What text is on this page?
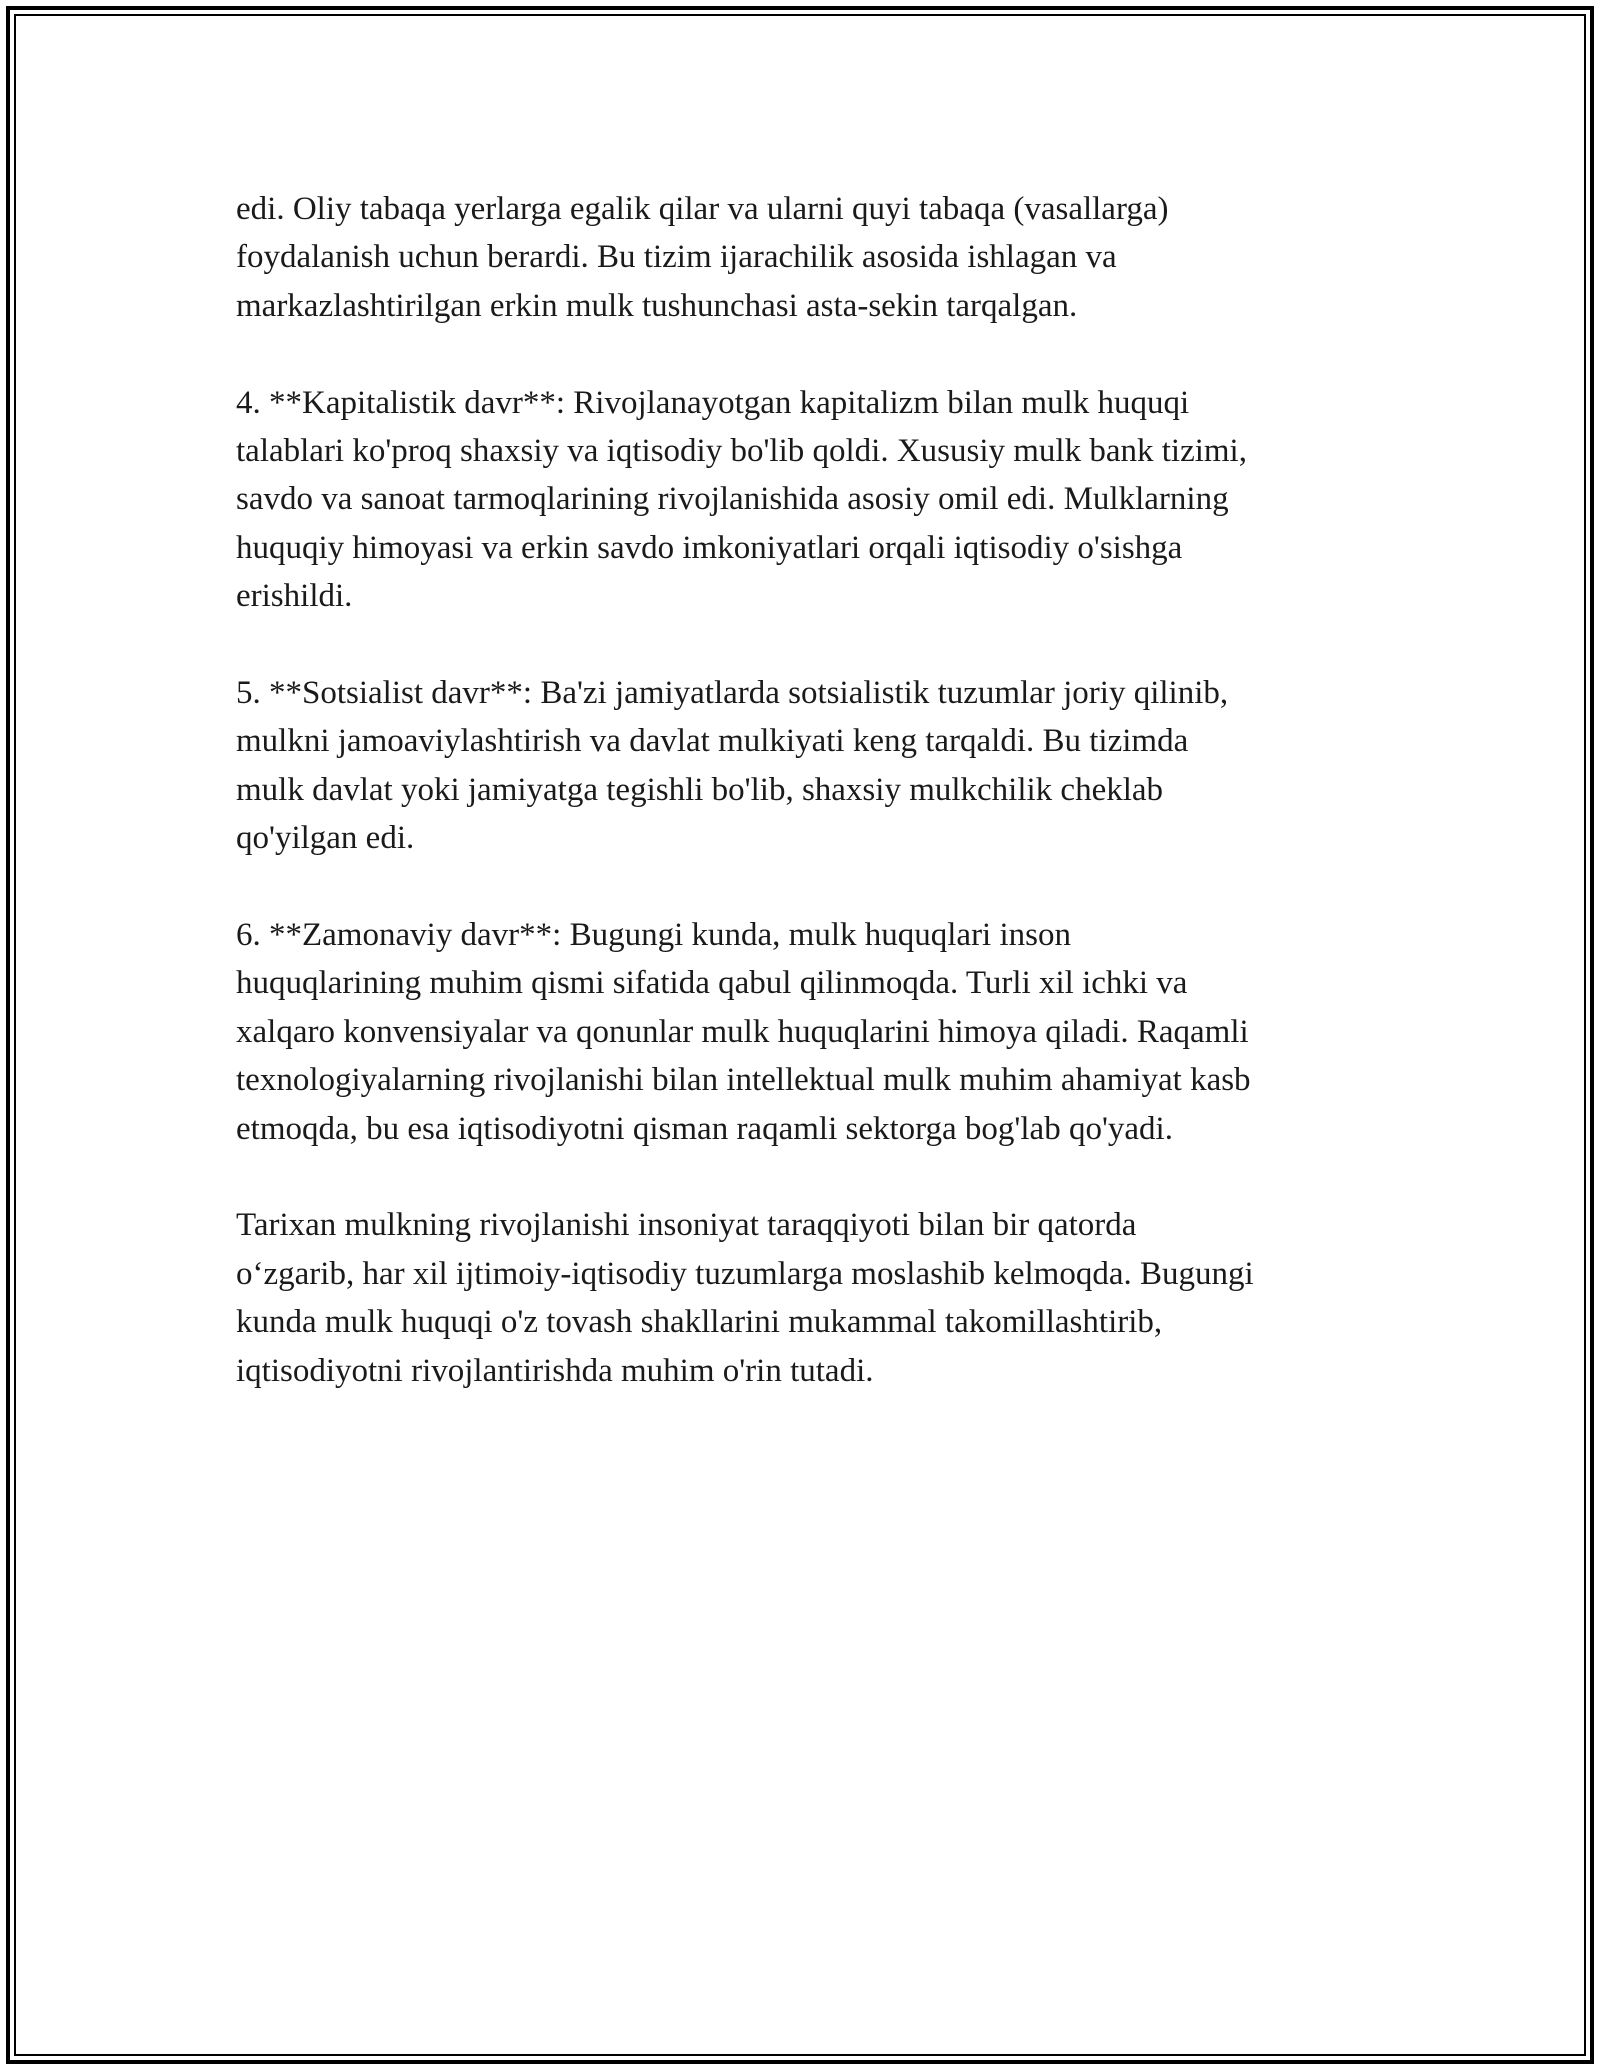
edi. Oliy tabaqa yerlarga egalik qilar va ularni quyi tabaqa (vasallarga)
foydalanish uchun berardi. Bu tizim ijarachilik asosida ishlagan va
markazlashtirilgan erkin mulk tushunchasi asta-sekin tarqalgan.

4. **Kapitalistik davr**: Rivojlanayotgan kapitalizm bilan mulk huquqi
talablari ko'proq shaxsiy va iqtisodiy bo'lib qoldi. Xususiy mulk bank tizimi,
savdo va sanoat tarmoqlarining rivojlanishida asosiy omil edi. Mulklarning
huquqiy himoyasi va erkin savdo imkoniyatlari orqali iqtisodiy o'sishga
erishildi.

5. **Sotsialist davr**: Ba'zi jamiyatlarda sotsialistik tuzumlar joriy qilinib,
mulkni jamoaviylashtirish va davlat mulkiyati keng tarqaldi. Bu tizimda
mulk davlat yoki jamiyatga tegishli bo'lib, shaxsiy mulkchilik cheklab
qo'yilgan edi.

6. **Zamonaviy davr**: Bugungi kunda, mulk huquqlari inson
huquqlarining muhim qismi sifatida qabul qilinmoqda. Turli xil ichki va
xalqaro konvensiyalar va qonunlar mulk huquqlarini himoya qiladi. Raqamli
texnologiyalarning rivojlanishi bilan intellektual mulk muhim ahamiyat kasb
etmoqda, bu esa iqtisodiyotni qisman raqamli sektorga bog'lab qo'yadi.

Tarixan mulkning rivojlanishi insoniyat taraqqiyoti bilan bir qatorda
o‘zgarib, har xil ijtimoiy-iqtisodiy tuzumlarga moslashib kelmoqda. Bugungi
kunda mulk huquqi o'z tovash shakllarini mukammal takomillashtirib,
iqtisodiyotni rivojlantirishda muhim o'rin tutadi.
